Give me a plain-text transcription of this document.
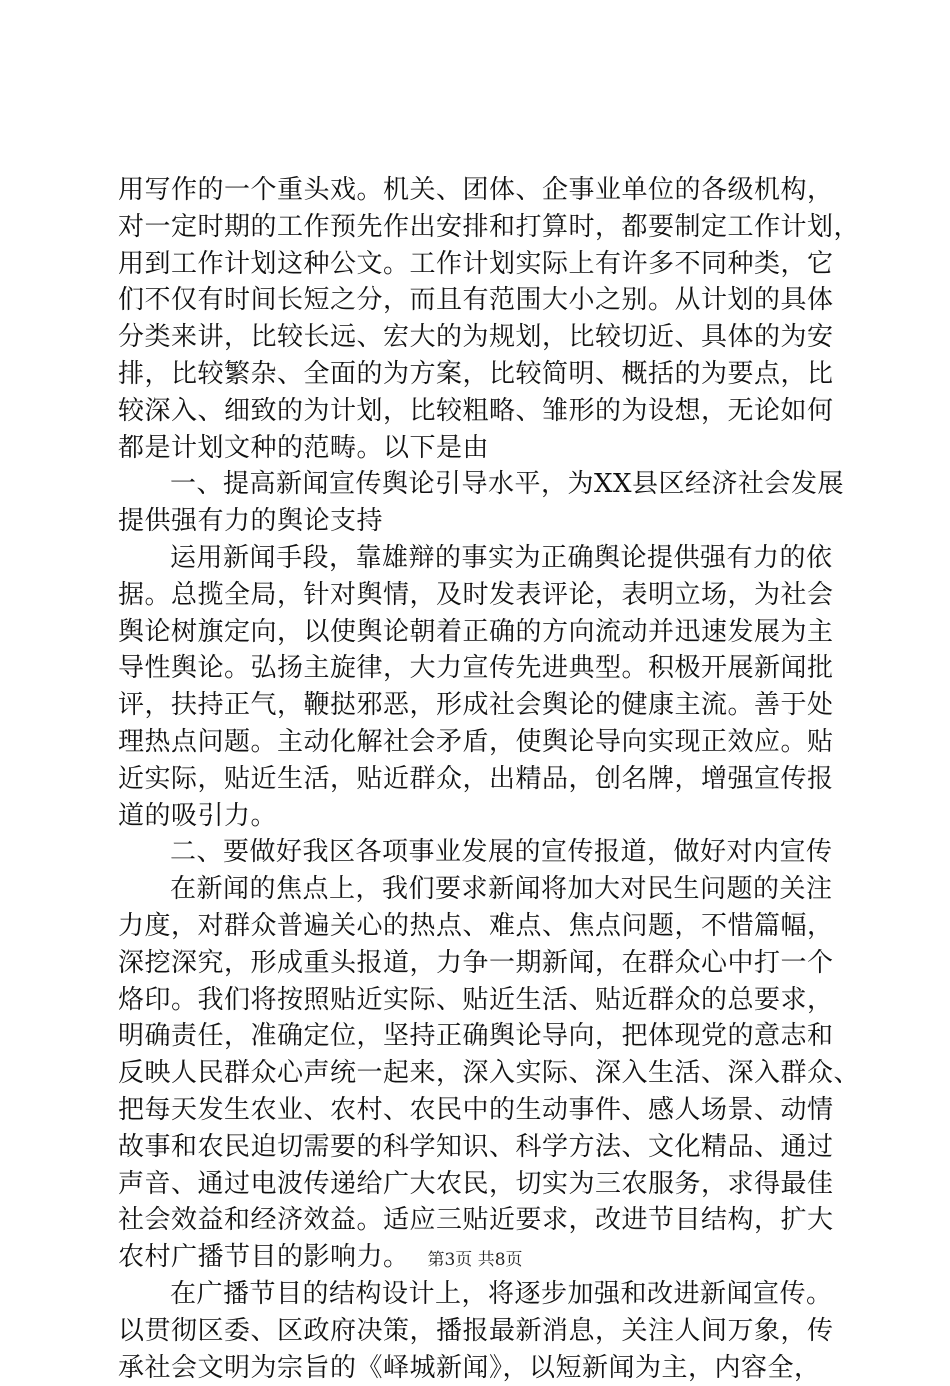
用写作的一个重头戏。机关、团体、企事业单位的各级机构，
对一定时期的工作预先作出安排和打算时，都要制定工作计划，
用到工作计划这种公文。工作计划实际上有许多不同种类，它
们不仅有时间长短之分，而且有范围大小之别。从计划的具体
分类来讲，比较长远、宏大的为规划，比较切近、具体的为安
排，比较繁杂、全面的为方案，比较简明、概括的为要点，比
较深入、细致的为计划，比较粗略、雏形的为设想，无论如何
都是计划文种的范畴。以下是由
一、提高新闻宣传舆论引导水平，为XX县区经济社会发展
提供强有力的舆论支持
运用新闻手段，靠雄辩的事实为正确舆论提供强有力的依
据。总揽全局，针对舆情，及时发表评论，表明立场，为社会
舆论树旗定向，以使舆论朝着正确的方向流动并迅速发展为主
导性舆论。弘扬主旋律，大力宣传先进典型。积极开展新闻批
评，扶持正气，鞭挞邪恶，形成社会舆论的健康主流。善于处
理热点问题。主动化解社会矛盾，使舆论导向实现正效应。贴
近实际，贴近生活，贴近群众，出精品，创名牌，增强宣传报
道的吸引力。
二、要做好我区各项事业发展的宣传报道，做好对内宣传
在新闻的焦点上，我们要求新闻将加大对民生问题的关注
力度，对群众普遍关心的热点、难点、焦点问题，不惜篇幅，
深挖深究，形成重头报道，力争一期新闻，在群众心中打一个
烙印。我们将按照贴近实际、贴近生活、贴近群众的总要求，
明确责任，准确定位，坚持正确舆论导向，把体现党的意志和
反映人民群众心声统一起来，深入实际、深入生活、深入群众、
把每天发生农业、农村、农民中的生动事件、感人场景、动情
故事和农民迫切需要的科学知识、科学方法、文化精品、通过
声音、通过电波传递给广大农民，切实为三农服务，求得最佳
社会效益和经济效益。适应三贴近要求，改进节目结构，扩大
农村广播节目的影响力。
在广播节目的结构设计上，将逐步加强和改进新闻宣传。
以贯彻区委、区政府决策，播报最新消息，关注人间万象，传
承社会文明为宗旨的《峄城新闻》，以短新闻为主，内容全，
第3页 共8页
